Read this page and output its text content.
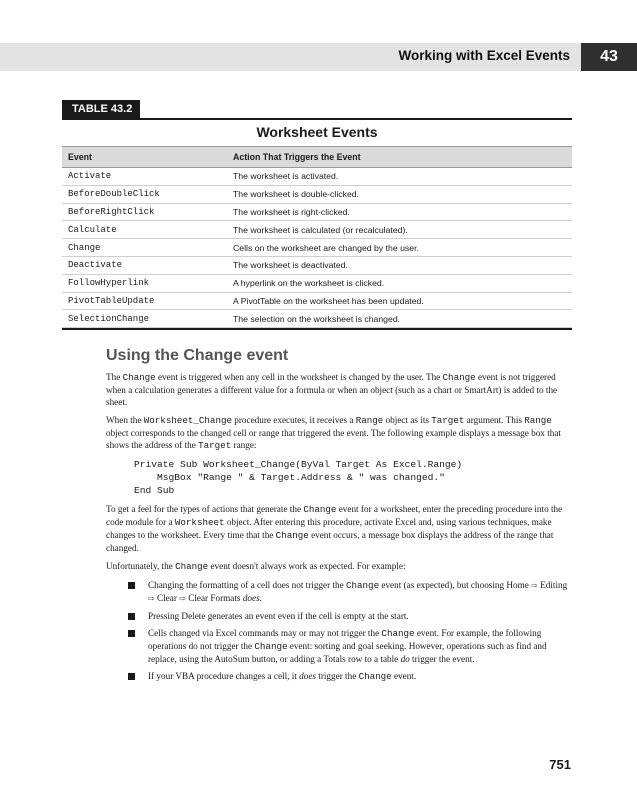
Working with Excel Events	43
TABLE 43.2
Worksheet Events
Event	Action That Triggers the Event
Activate	The worksheet is activated.
BeforeDoubleClick	The worksheet is double-clicked.
BeforeRightClick	The worksheet is right-clicked.
Calculate	The worksheet is calculated (or recalculated).
Change	Cells on the worksheet are changed by the user.
Deactivate	The worksheet is deactivated.
FollowHyperlink	A hyperlink on the worksheet is clicked.
PivotTableUpdate	A PivotTable on the worksheet has been updated.
SelectionChange	The selection on the worksheet is changed.
Using the Change event

The Change event is triggered when any cell in the worksheet is changed by the user. The Change event is not triggered when a calculation generates a different value for a formula or when an object (such as a chart or SmartArt) is added to the sheet.

When the Worksheet_Change procedure executes, it receives a Range object as its Target argument. This Range object corresponds to the changed cell or range that triggered the event. The following example displays a message box that shows the address of the Target range:

Private Sub Worksheet_Change(ByVal Target As Excel.Range)
MsgBox "Range " & Target.Address & " was changed."
End Sub

To get a feel for the types of actions that generate the Change event for a worksheet, enter the preceding procedure into the code module for a Worksheet object. After entering this procedure, activate Excel and, using various techniques, make changes to the worksheet. Every time that the Change event occurs, a message box displays the address of the range that changed.

Unfortunately, the Change event doesn't always work as expected. For example:

Changing the formatting of a cell does not trigger the Change event (as expected), but choosing Home ⇨ Editing ⇨ Clear ⇨ Clear Formats does.
Pressing Delete generates an event even if the cell is empty at the start.
Cells changed via Excel commands may or may not trigger the Change event. For example, the following operations do not trigger the Change event: sorting and goal seeking. However, operations such as find and replace, using the AutoSum button, or adding a Totals row to a table do trigger the event.
If your VBA procedure changes a cell, it does trigger the Change event.
751
